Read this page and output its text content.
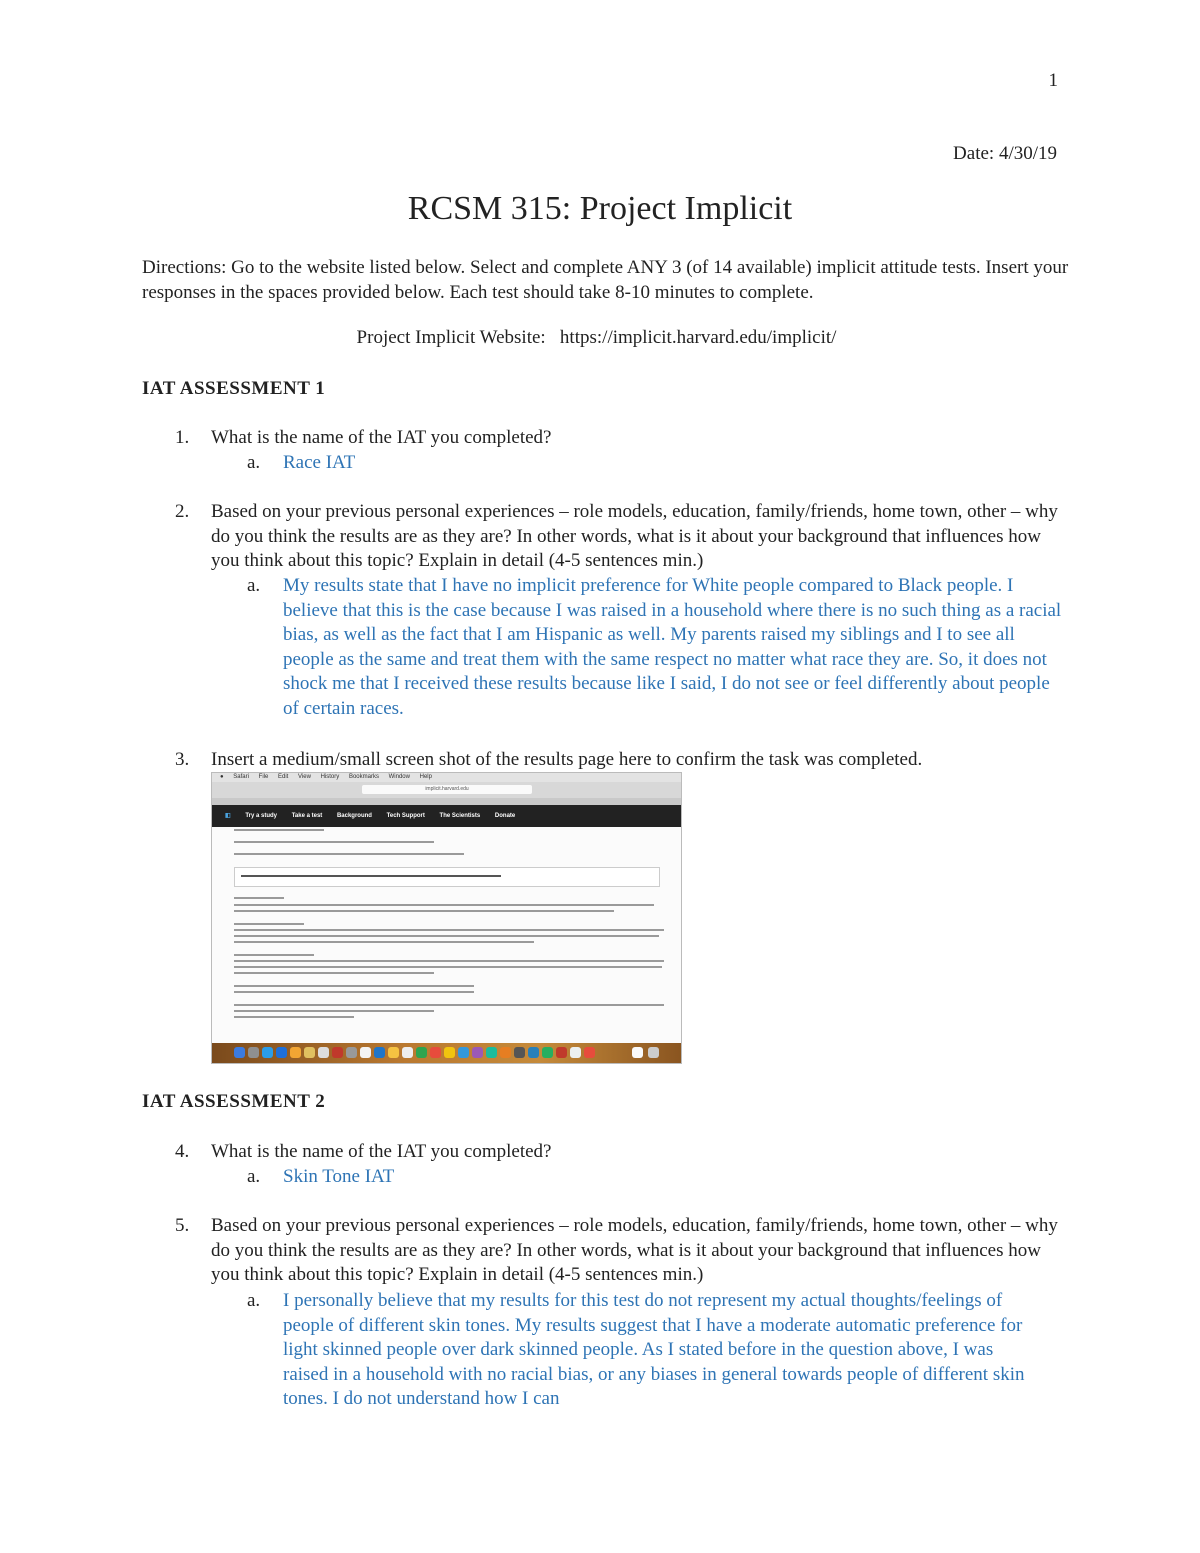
1
Date: 4/30/19
RCSM 315: Project Implicit
Directions: Go to the website listed below. Select and complete ANY 3 (of 14 available) implicit attitude tests. Insert your responses in the spaces provided below. Each test should take 8-10 minutes to complete.
Project Implicit Website:   https://implicit.harvard.edu/implicit/
IAT ASSESSMENT 1
1. What is the name of the IAT you completed?
a. Race IAT
2. Based on your previous personal experiences – role models, education, family/friends, home town, other – why do you think the results are as they are? In other words, what is it about your background that influences how you think about this topic? Explain in detail (4-5 sentences min.)
a. My results state that I have no implicit preference for White people compared to Black people. I believe that this is the case because I was raised in a household where there is no such thing as a racial bias, as well as the fact that I am Hispanic as well. My parents raised my siblings and I to see all people as the same and treat them with the same respect no matter what race they are. So, it does not shock me that I received these results because like I said, I do not see or feel differently about people of certain races.
3. Insert a medium/small screen shot of the results page here to confirm the task was completed.
● Safari File Edit View History Bookmarks Window Help
implicit.harvard.edu
◧ Try a study Take a test Background Tech Support The Scientists Donate
IAT ASSESSMENT 2
4. What is the name of the IAT you completed?
a. Skin Tone IAT
5. Based on your previous personal experiences – role models, education, family/friends, home town, other – why do you think the results are as they are? In other words, what is it about your background that influences how you think about this topic? Explain in detail (4-5 sentences min.)
a. I personally believe that my results for this test do not represent my actual thoughts/feelings of people of different skin tones. My results suggest that I have a moderate automatic preference for light skinned people over dark skinned people. As I stated before in the question above, I was raised in a household with no racial bias, or any biases in general towards people of different skin tones. I do not understand how I can
